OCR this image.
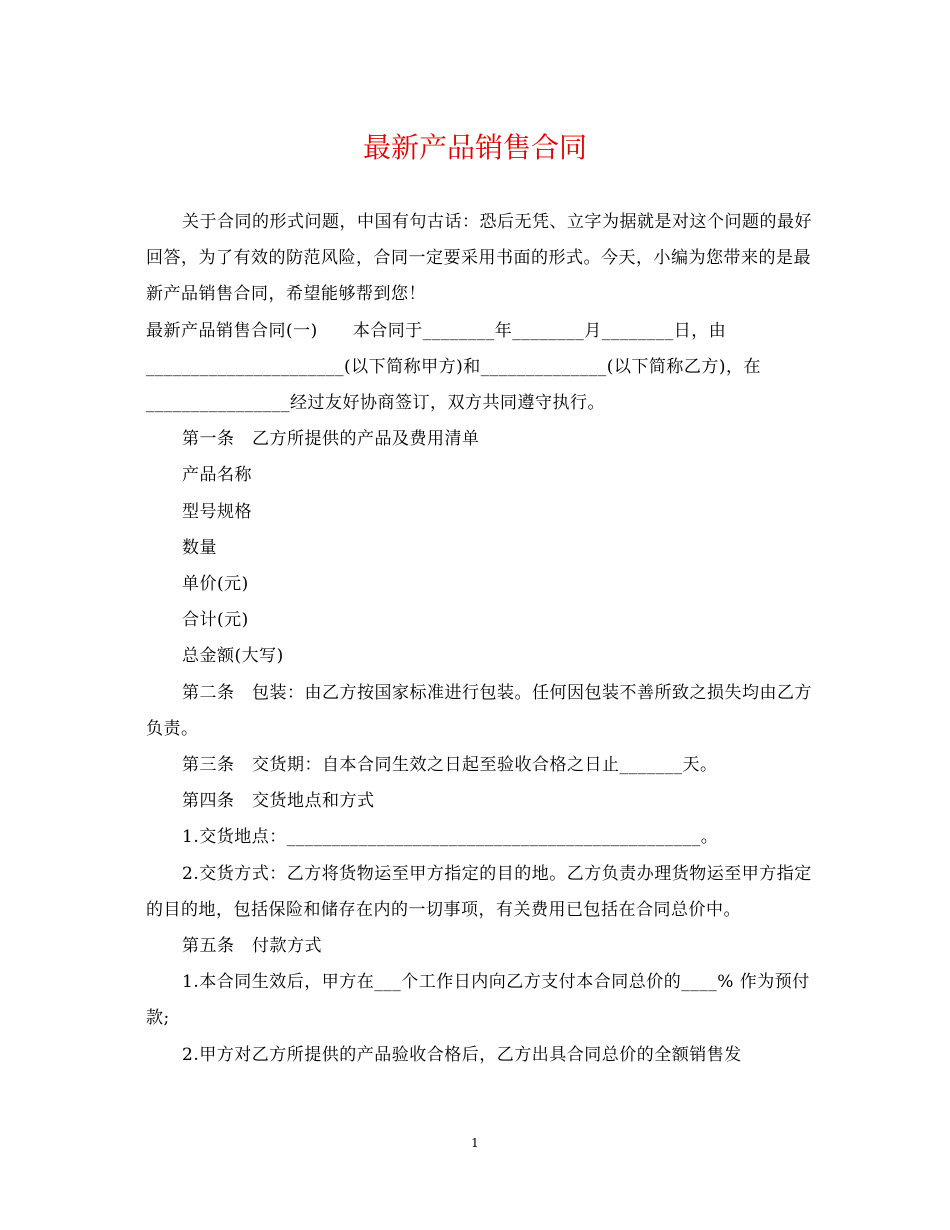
最新产品销售合同

关于合同的形式问题，中国有句古话：恐后无凭、立字为据就是对这个问题的最好回答，为了有效的防范风险，合同一定要采用书面的形式。今天，小编为您带来的是最新产品销售合同，希望能够帮到您！

最新产品销售合同(一)　　本合同于________年________月________日，由______________________(以下简称甲方)和______________(以下简称乙方)，在________________经过友好协商签订，双方共同遵守执行。

第一条　乙方所提供的产品及费用清单

产品名称

型号规格

数量

单价(元)

合计(元)

总金额(大写)

第二条　包装：由乙方按国家标准进行包装。任何因包装不善所致之损失均由乙方负责。

第三条　交货期：自本合同生效之日起至验收合格之日止_______天。

第四条　交货地点和方式

1.交货地点：______________________________________________。

2.交货方式：乙方将货物运至甲方指定的目的地。乙方负责办理货物运至甲方指定的目的地，包括保险和储存在内的一切事项，有关费用已包括在合同总价中。

第五条　付款方式

1.本合同生效后，甲方在___个工作日内向乙方支付本合同总价的____% 作为预付款;

2.甲方对乙方所提供的产品验收合格后，乙方出具合同总价的全额销售发

1
